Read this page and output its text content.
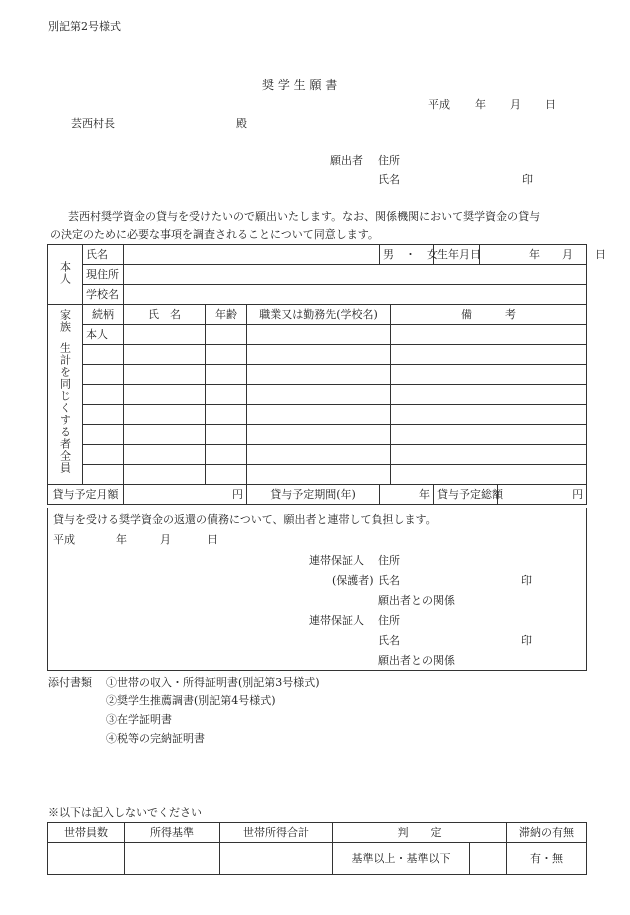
別記第2号様式
奨 学 生 願 書
平成 年 月 日
芸西村長	殿
願出者 住所
氏名	印
芸西村奨学資金の貸与を受けたいので願出いたします。なお、関係機関において奨学資金の貸与
の決定のために必要な事項を調査されることについて同意します。
本人	氏名				男　・　女		生年月日	年 月 日	
	現住所								
	学校名								
家族
生計を同じくする者全員	続柄	氏　名	年齢	職業又は勤務先(学校名)		備　　　考			
	本人								

貸与予定月額		円		貸与予定期間(年)	年		貸与予定総額		円
貸与を受ける奨学資金の返還の債務について、願出者と連帯して負担します。
平成	年	月	日
連帯保証人 住所
(保護者) 氏名	印
願出者との関係
連帯保証人 住所
氏名	印
願出者との関係
添付書類 ①世帯の収入・所得証明書(別記第3号様式)
②奨学生推薦調書(別記第4号様式)
③在学証明書
④税等の完納証明書
※以下は記入しないでください
世帯員数	所得基準	世帯所得合計	判　　定		滞納の有無
			基準以上・基準以下		有・無
